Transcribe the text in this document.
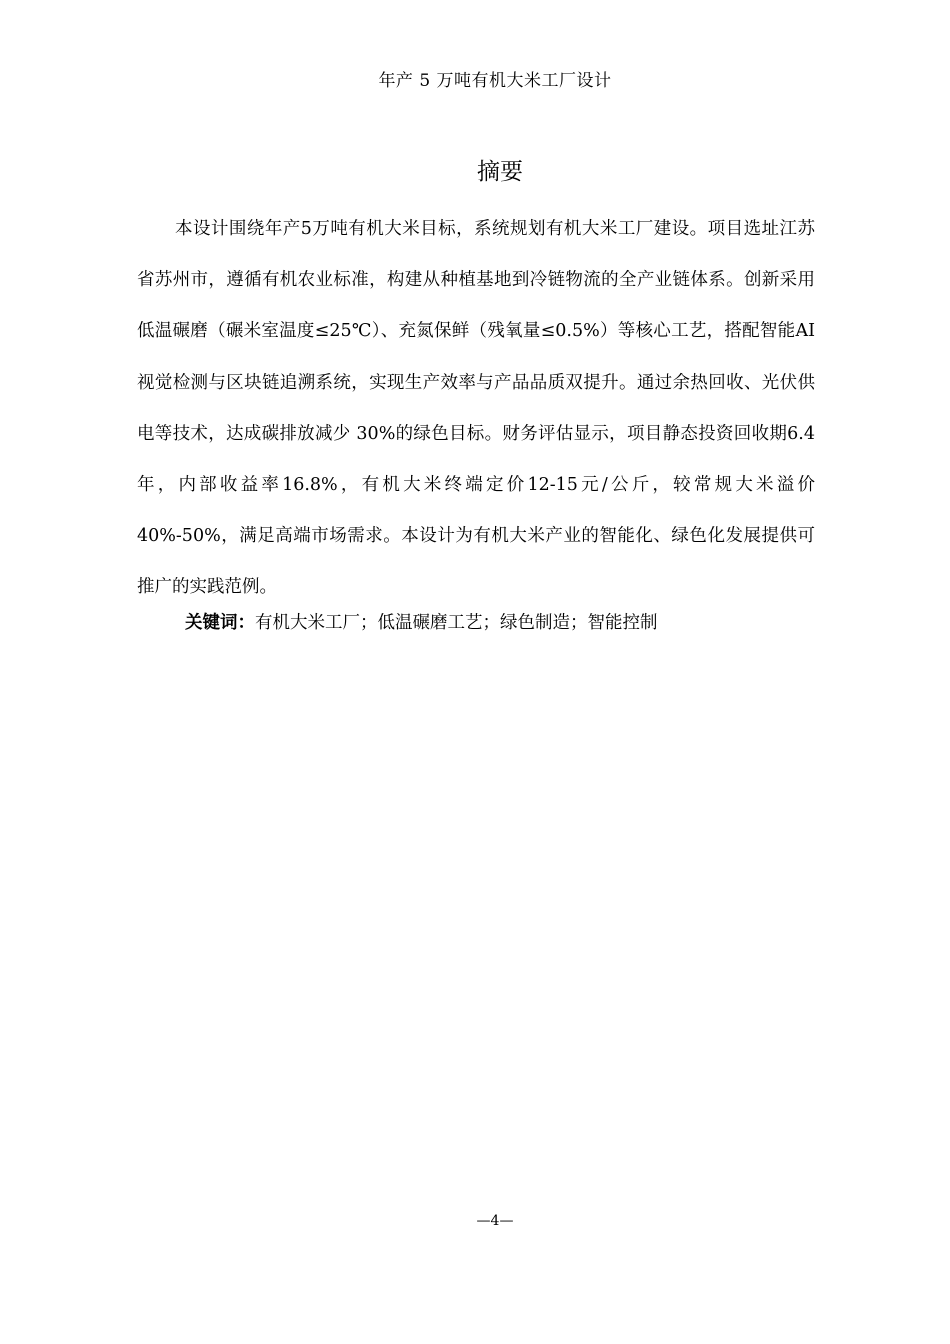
年产 5 万吨有机大米工厂设计
摘要

本设计围绕年产5万吨有机大米目标，系统规划有机大米工厂建设。项目选址江苏省苏州市，遵循有机农业标准，构建从种植基地到冷链物流的全产业链体系。创新采用低温碾磨（碾米室温度≤25℃）、充氮保鲜（残氧量≤0.5%）等核心工艺，搭配智能AI视觉检测与区块链追溯系统，实现生产效率与产品品质双提升。通过余热回收、光伏供电等技术，达成碳排放减少 30%的绿色目标。财务评估显示，项目静态投资回收期6.4年，内部收益率16.8%，有机大米终端定价12-15元/公斤，较常规大米溢价40%-50%，满足高端市场需求。本设计为有机大米产业的智能化、绿色化发展提供可推广的实践范例。

关键词：有机大米工厂；低温碾磨工艺；绿色制造；智能控制

—4—
